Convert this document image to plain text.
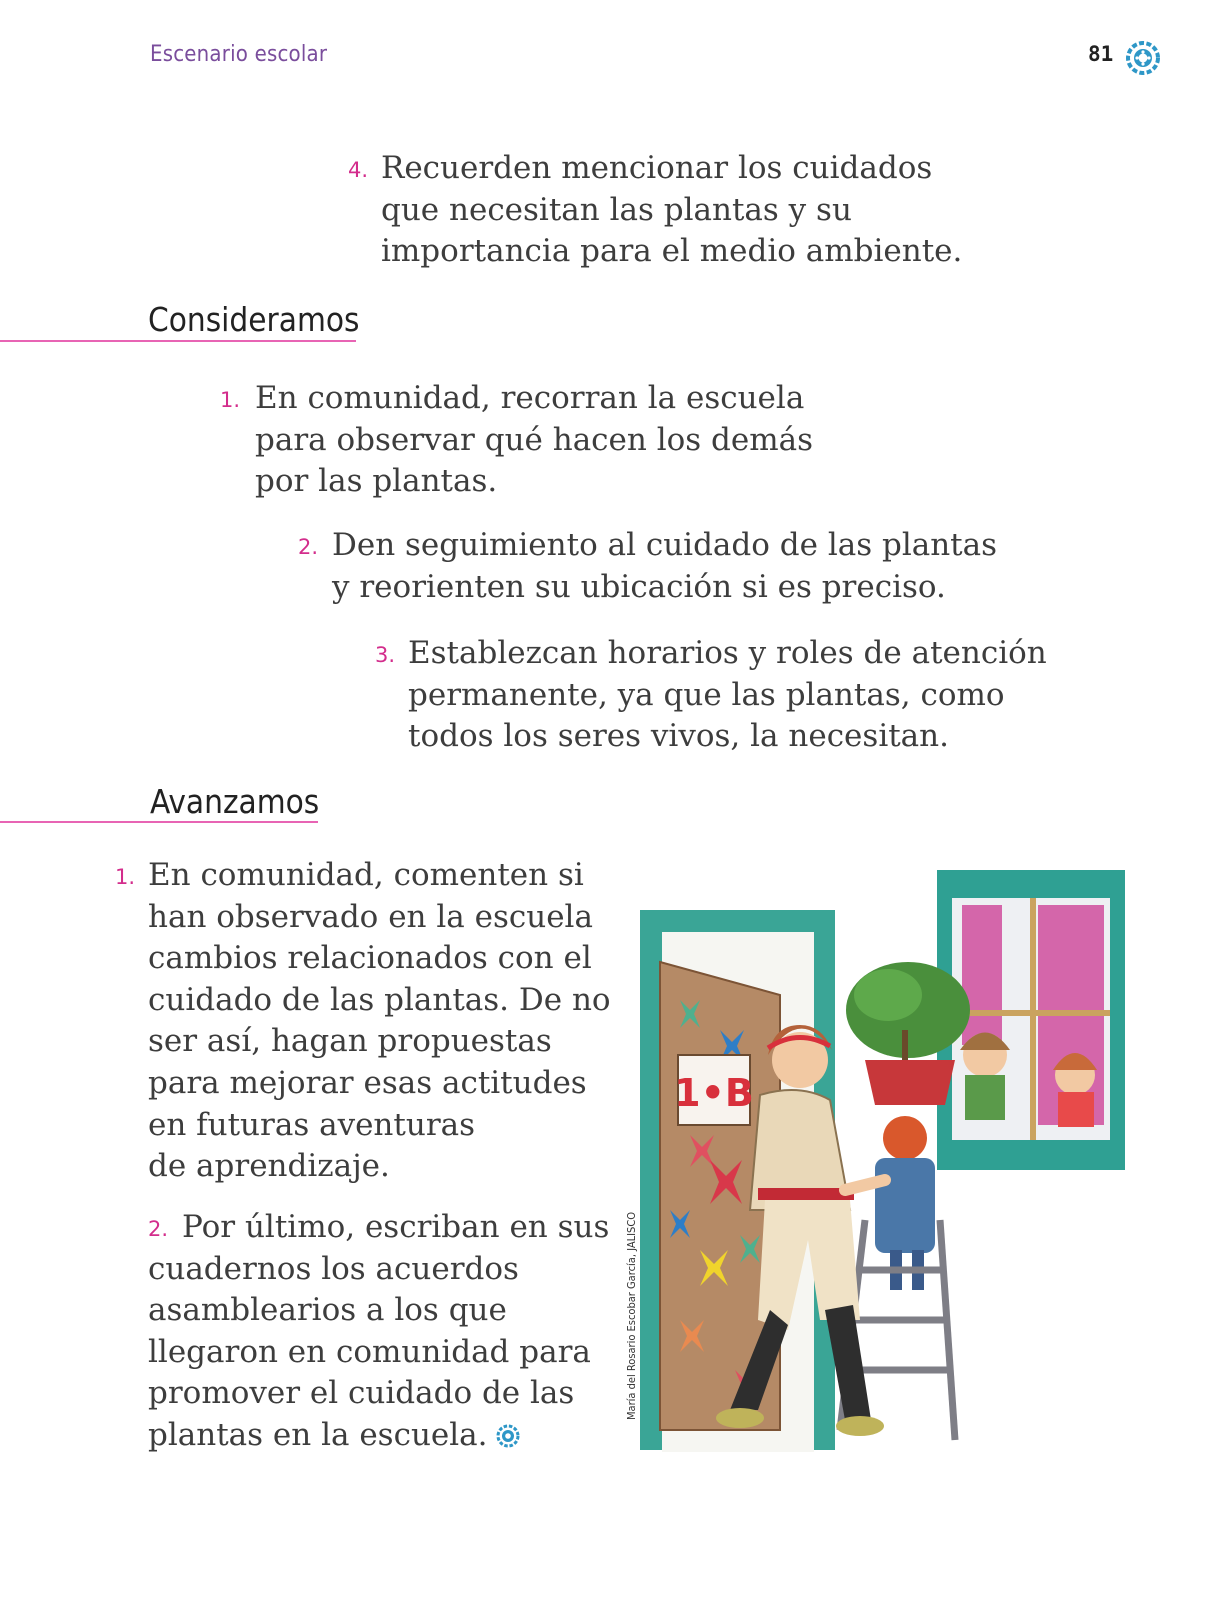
Escenario escolar	81
4. Recuerden mencionar los cuidados
que necesitan las plantas y su
importancia para el medio ambiente.
Consideramos
1. En comunidad, recorran la escuela
para observar qué hacen los demás
por las plantas.
2. Den seguimiento al cuidado de las plantas
y reorienten su ubicación si es preciso.
3. Establezcan horarios y roles de atención
permanente, ya que las plantas, como
todos los seres vivos, la necesitan.
Avanzamos
1. En comunidad, comenten si
han observado en la escuela
cambios relacionados con el
cuidado de las plantas. De no
ser así, hagan propuestas
para mejorar esas actitudes
en futuras aventuras
de aprendizaje.
2. Por último, escriban en sus
cuadernos los acuerdos
asamblearios a los que
llegaron en comunidad para
promover el cuidado de las
plantas en la escuela.
María del Rosario Escobar García, JALISCO
1•B
